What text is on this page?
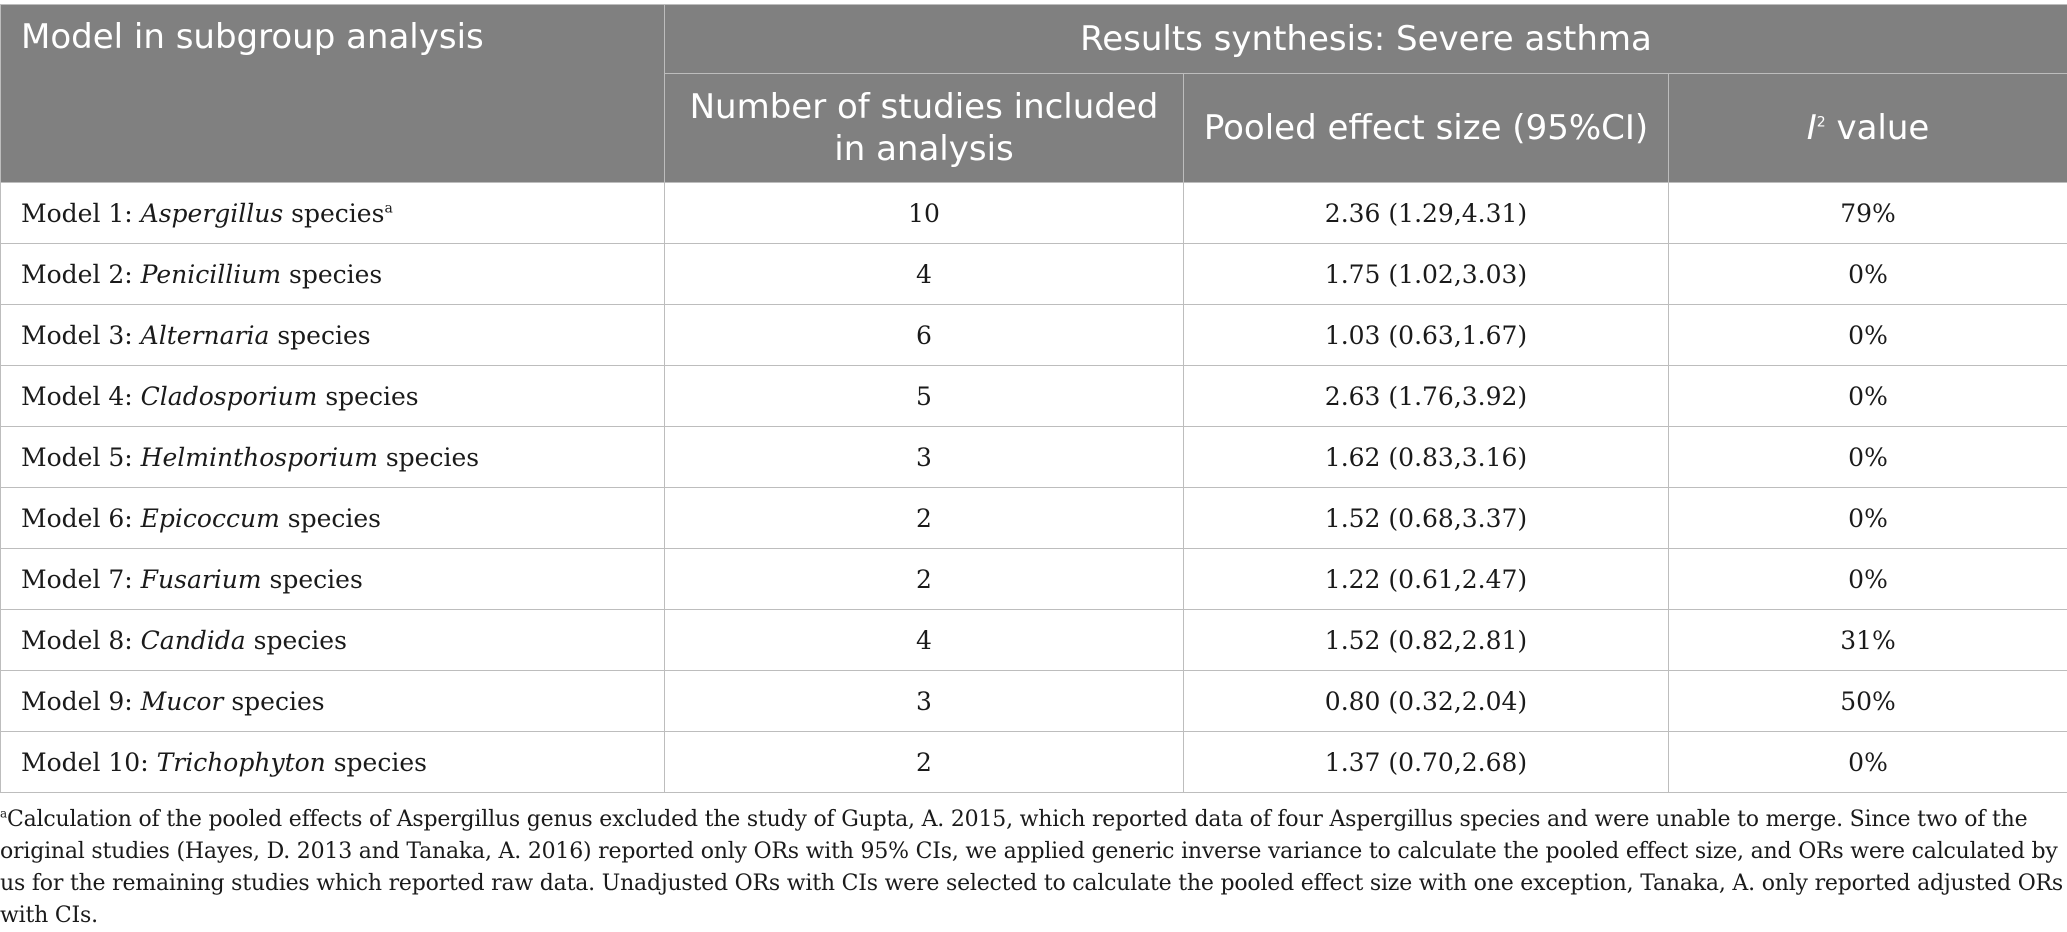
Model in subgroup analysis	Results synthesis: Severe asthma		
	Number of studies included in analysis	Pooled effect size (95%CI)	$I^2$ value
Model 1: Aspergillus species$^a$	10	2.36 (1.29,4.31)	79%
Model 2: Penicillium species	4	1.75 (1.02,3.03)	0%
Model 3: Alternaria species	6	1.03 (0.63,1.67)	0%
Model 4: Cladosporium species	5	2.63 (1.76,3.92)	0%
Model 5: Helminthosporium species	3	1.62 (0.83,3.16)	0%
Model 6: Epicoccum species	2	1.52 (0.68,3.37)	0%
Model 7: Fusarium species	2	1.22 (0.61,2.47)	0%
Model 8: Candida species	4	1.52 (0.82,2.81)	31%
Model 9: Mucor species	3	0.80 (0.32,2.04)	50%
Model 10: Trichophyton species	2	1.37 (0.70,2.68)	0%
$^a$Calculation of the pooled effects of Aspergillus genus excluded the study of Gupta, A. 2015, which reported data of four Aspergillus species and were unable to merge. Since two of the original studies (Hayes, D. 2013 and Tanaka, A. 2016) reported only ORs with 95% CIs, we applied generic inverse variance to calculate the pooled effect size, and ORs were calculated by us for the remaining studies which reported raw data. Unadjusted ORs with CIs were selected to calculate the pooled effect size with one exception, Tanaka, A. only reported adjusted ORs with CIs.
